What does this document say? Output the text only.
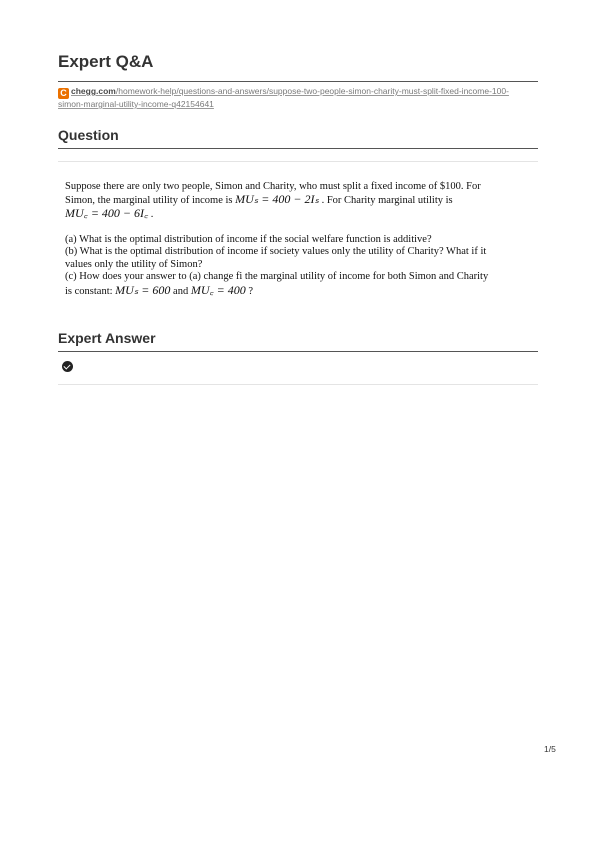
Expert Q&A
C chegg.com/homework-help/questions-and-answers/suppose-two-people-simon-charity-must-split-fixed-income-100-
simon-marginal-utility-income-q42154641
Question

Suppose there are only two people, Simon and Charity, who must split a fixed income of $100. For

Simon, the marginal utility of income is MUₛ = 400 − 2Iₛ . For Charity marginal utility is

MU꜀ = 400 − 6I꜀ .

(a) What is the optimal distribution of income if the social welfare function is additive?

(b) What is the optimal distribution of income if society values only the utility of Charity? What if it

values only the utility of Simon?

(c) How does your answer to (a) change fi the marginal utility of income for both Simon and Charity

is constant: MUₛ = 600 and MU꜀ = 400 ?

Expert Answer
1/5
